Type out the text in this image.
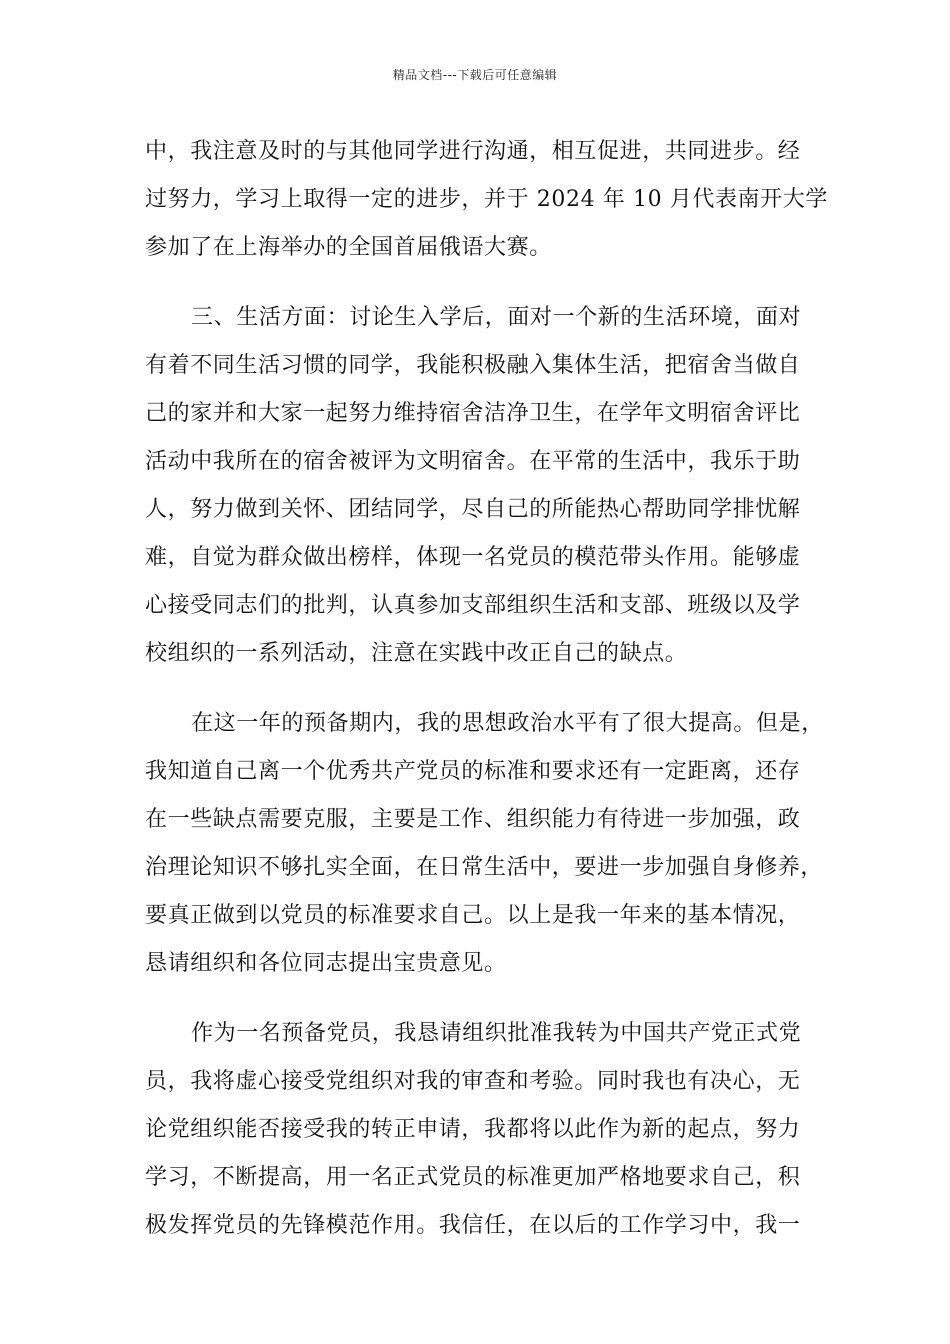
精品文档---下载后可任意编辑
中，我注意及时的与其他同学进行沟通，相互促进，共同进步。经
过努力，学习上取得一定的进步，并于 2024 年 10 月代表南开大学
参加了在上海举办的全国首届俄语大赛。
三、生活方面：讨论生入学后，面对一个新的生活环境，面对
有着不同生活习惯的同学，我能积极融入集体生活，把宿舍当做自
己的家并和大家一起努力维持宿舍洁净卫生，在学年文明宿舍评比
活动中我所在的宿舍被评为文明宿舍。在平常的生活中，我乐于助
人，努力做到关怀、团结同学，尽自己的所能热心帮助同学排忧解
难，自觉为群众做出榜样，体现一名党员的模范带头作用。能够虚
心接受同志们的批判，认真参加支部组织生活和支部、班级以及学
校组织的一系列活动，注意在实践中改正自己的缺点。
在这一年的预备期内，我的思想政治水平有了很大提高。但是，
我知道自己离一个优秀共产党员的标准和要求还有一定距离，还存
在一些缺点需要克服，主要是工作、组织能力有待进一步加强，政
治理论知识不够扎实全面，在日常生活中，要进一步加强自身修养，
要真正做到以党员的标准要求自己。以上是我一年来的基本情况，
恳请组织和各位同志提出宝贵意见。
作为一名预备党员，我恳请组织批准我转为中国共产党正式党
员，我将虚心接受党组织对我的审查和考验。同时我也有决心，无
论党组织能否接受我的转正申请，我都将以此作为新的起点，努力
学习，不断提高，用一名正式党员的标准更加严格地要求自己，积
极发挥党员的先锋模范作用。我信任，在以后的工作学习中，我一
